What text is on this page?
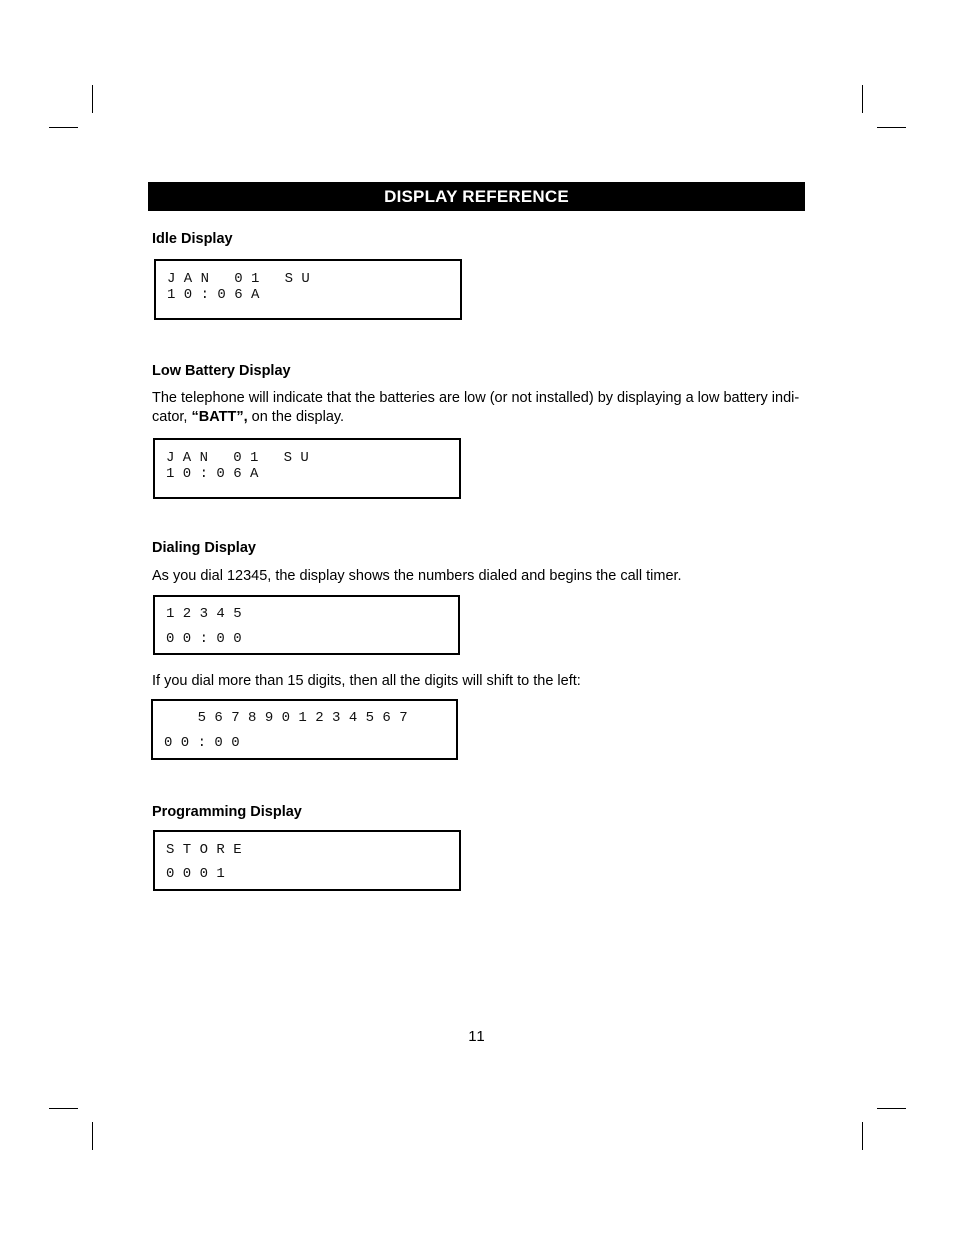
DISPLAY REFERENCE
Idle Display

J A N   0 1   S U

1 0 : 0 6 A

Low Battery Display
The telephone will indicate that the batteries are low (or not installed) by displaying a low battery indi-cator, “BATT”, on the display.

J A N   0 1   S U

1 0 : 0 6 A

Dialing Display
As you dial 12345, the display shows the numbers dialed and begins the call timer.

1 2 3 4 5

0 0 : 0 0

If you dial more than 15 digits, then all the digits will shift to the left:

5 6 7 8 9 0 1 2 3 4 5 6 7

0 0 : 0 0

Programming Display

S T O R E

0 0 0 1

11
